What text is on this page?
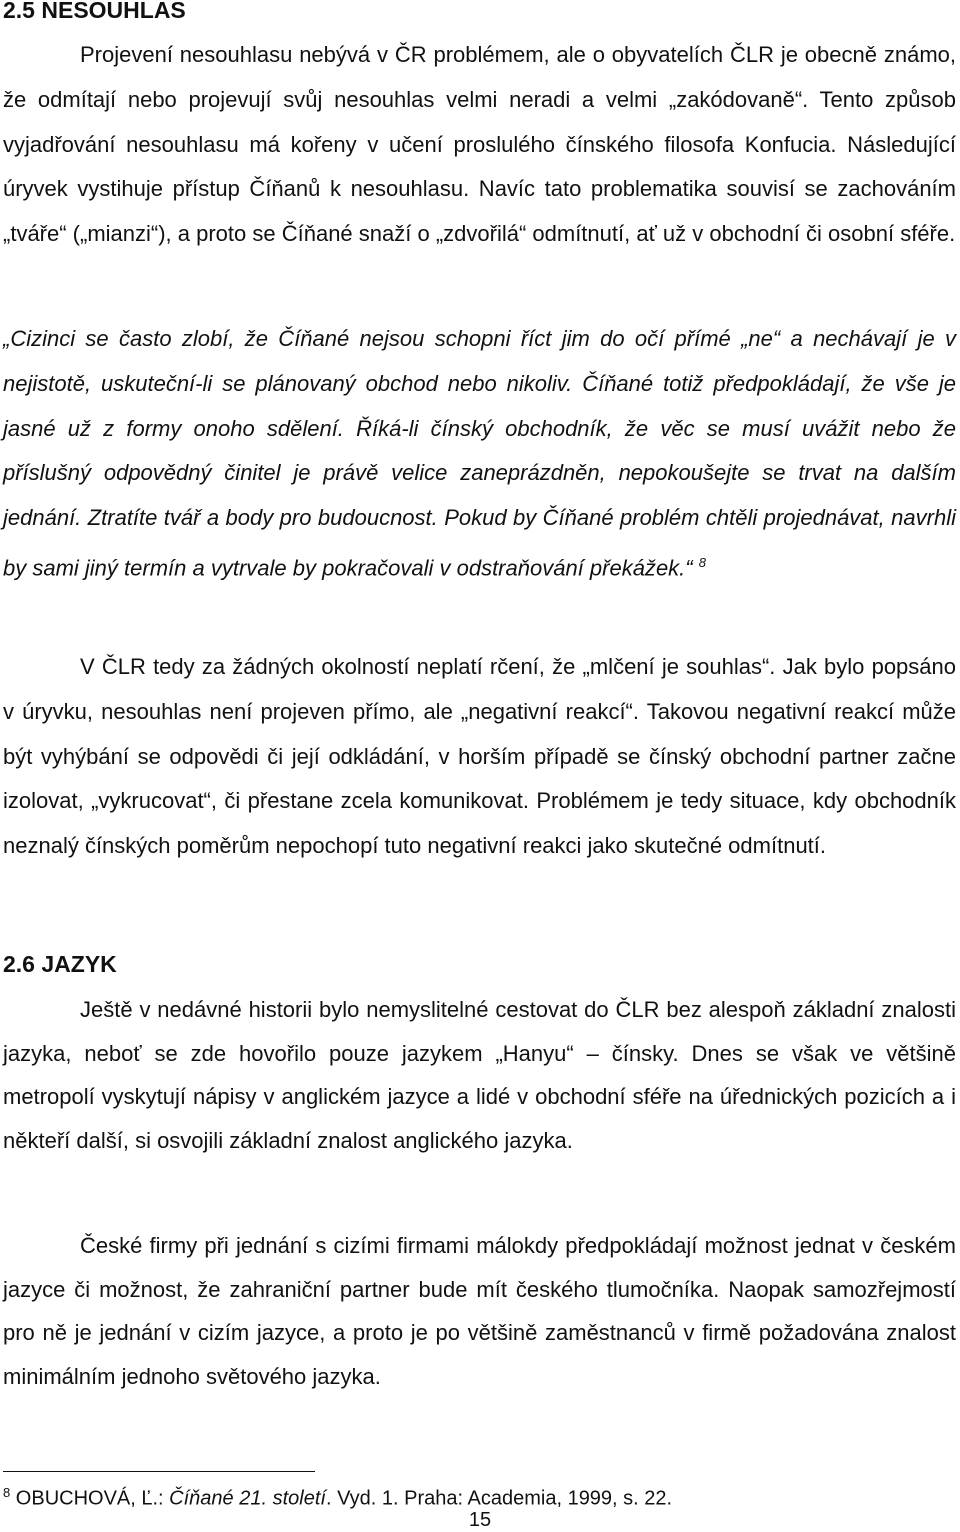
2.5 NESOUHLAS
Projevení nesouhlasu nebývá v ČR problémem, ale o obyvatelích ČLR je obecně známo, že odmítají nebo projevují svůj nesouhlas velmi neradi a velmi „zakódovaně“. Tento způsob vyjadřování nesouhlasu má kořeny v učení proslulého čínského filosofa Konfucia. Následující úryvek vystihuje přístup Číňanů k nesouhlasu. Navíc tato problematika souvisí se zachováním „tváře“ („mianzi“), a proto se Číňané snaží o „zdvořilá“ odmítnutí, ať už v obchodní či osobní sféře.
„Cizinci se často zlobí, že Číňané nejsou schopni říct jim do očí přímé „ne“ a nechávají je v nejistotě, uskuteční-li se plánovaný obchod nebo nikoliv. Číňané totiž předpokládají, že vše je jasné už z formy onoho sdělení. Říká-li čínský obchodník, že věc se musí uvážit nebo že příslušný odpovědný činitel je právě velice zaneprázdněn, nepokoušejte se trvat na dalším jednání. Ztratíte tvář a body pro budoucnost. Pokud by Číňané problém chtěli projednávat, navrhli by sami jiný termín a vytrvale by pokračovali v odstraňování překážek.“ $^8$
V ČLR tedy za žádných okolností neplatí rčení, že „mlčení je souhlas“. Jak bylo popsáno v úryvku, nesouhlas není projeven přímo, ale „negativní reakcí“. Takovou negativní reakcí může být vyhýbání se odpovědi či její odkládání, v horším případě se čínský obchodní partner začne izolovat, „vykrucovat“, či přestane zcela komunikovat. Problémem je tedy situace, kdy obchodník neznalý čínských poměrům nepochopí tuto negativní reakci jako skutečné odmítnutí.
2.6 JAZYK
Ještě v nedávné historii bylo nemyslitelné cestovat do ČLR bez alespoň základní znalosti jazyka, neboť se zde hovořilo pouze jazykem „Hanyu“ – čínsky. Dnes se však ve většině metropolí vyskytují nápisy v anglickém jazyce a lidé v obchodní sféře na úřednických pozicích a i někteří další, si osvojili základní znalost anglického jazyka.
České firmy při jednání s cizími firmami málokdy předpokládají možnost jednat v českém jazyce či možnost, že zahraniční partner bude mít českého tlumočníka. Naopak samozřejmostí pro ně je jednání v cizím jazyce, a proto je po většině zaměstnanců v firmě požadována znalost minimálním jednoho světového jazyka.
$^8$ OBUCHOVÁ, Ľ.: Číňané 21. století. Vyd. 1. Praha: Academia, 1999, s. 22.
15
